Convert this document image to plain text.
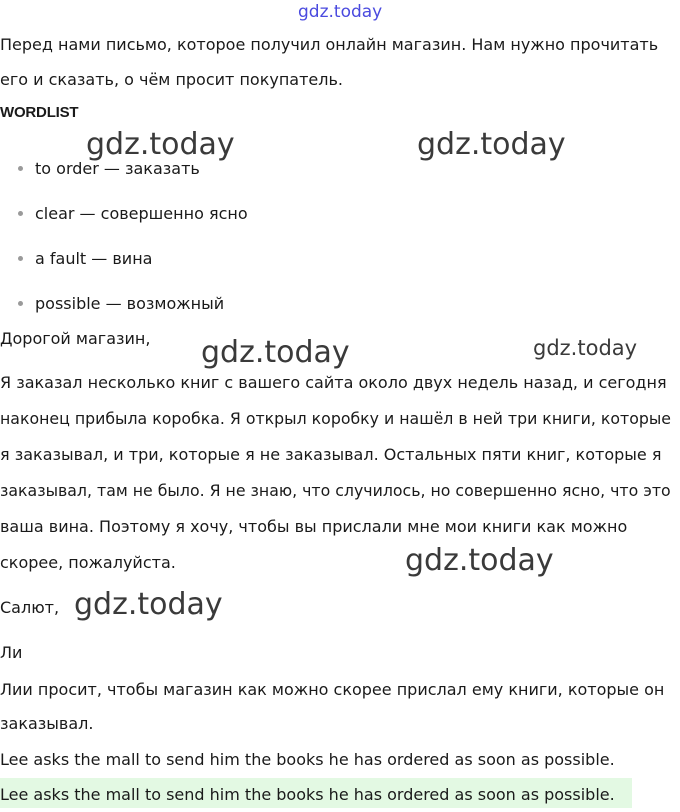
gdz.today
Перед нами письмо, которое получил онлайн магазин. Нам нужно прочитать
его и сказать, о чём просит покупатель.
WORDLIST
gdz.today	gdz.today
to order — заказать
clear — совершенно ясно
a fault — вина
possible — возможный
Дорогой магазин, gdz.today	gdz.today
Я заказал несколько книг с вашего сайта около двух недель назад, и сегодня
наконец прибыла коробка. Я открыл коробку и нашёл в ней три книги, которые
я заказывал, и три, которые я не заказывал. Остальных пяти книг, которые я
заказывал, там не было. Я не знаю, что случилось, но совершенно ясно, что это
ваша вина. Поэтому я хочу, чтобы вы прислали мне мои книги как можно
скорее, пожалуйста.	gdz.today
Салют, gdz.today
Ли
Лии просит, чтобы магазин как можно скорее прислал ему книги, которые он
заказывал.
Lee asks the mall to send him the books he has ordered as soon as possible.
Lee asks the mall to send him the books he has ordered as soon as possible.
